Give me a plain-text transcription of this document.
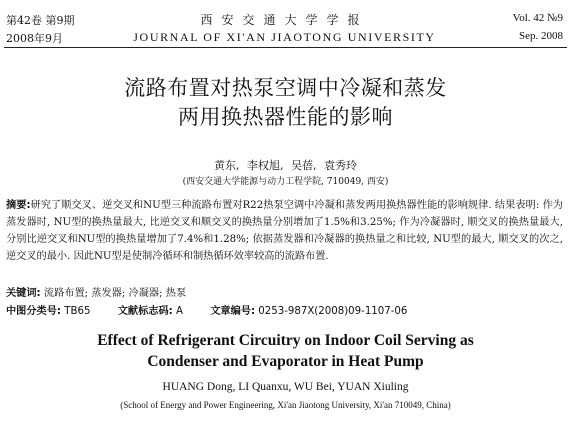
第42卷 第9期
2008年9月
西安交通大学学报
JOURNAL OF XI'AN JIAOTONG UNIVERSITY
Vol. 42 №9
Sep. 2008
流路布置对热泵空调中冷凝和蒸发
两用换热器性能的影响
黄东, 李权旭, 吴蓓, 袁秀玲
(西安交通大学能源与动力工程学院, 710049, 西安)
摘要:研究了顺交叉、逆交叉和NU型三种流路布置对R22热泵空调中冷凝和蒸发两用换热器性能的影响规律. 结果表明: 作为蒸发器时, NU型的换热量最大, 比逆交叉和顺交叉的换热量分别增加了1.5%和3.25%; 作为冷凝器时, 顺交叉的换热量最大, 分别比逆交叉和NU型的换热量增加了7.4%和1.28%; 依据蒸发器和冷凝器的换热量之和比较, NU型的最大, 顺交叉的次之, 逆交叉的最小. 因此NU型是使制冷循环和制热循环效率较高的流路布置.
关键词: 流路布置; 蒸发器; 冷凝器; 热泵
中图分类号: TB65	文献标志码: A	文章编号: 0253-987X(2008)09-1107-06
Effect of Refrigerant Circuitry on Indoor Coil Serving as
Condenser and Evaporator in Heat Pump
HUANG Dong, LI Quanxu, WU Bei, YUAN Xiuling
(School of Energy and Power Engineering, Xi'an Jiaotong University, Xi'an 710049, China)
